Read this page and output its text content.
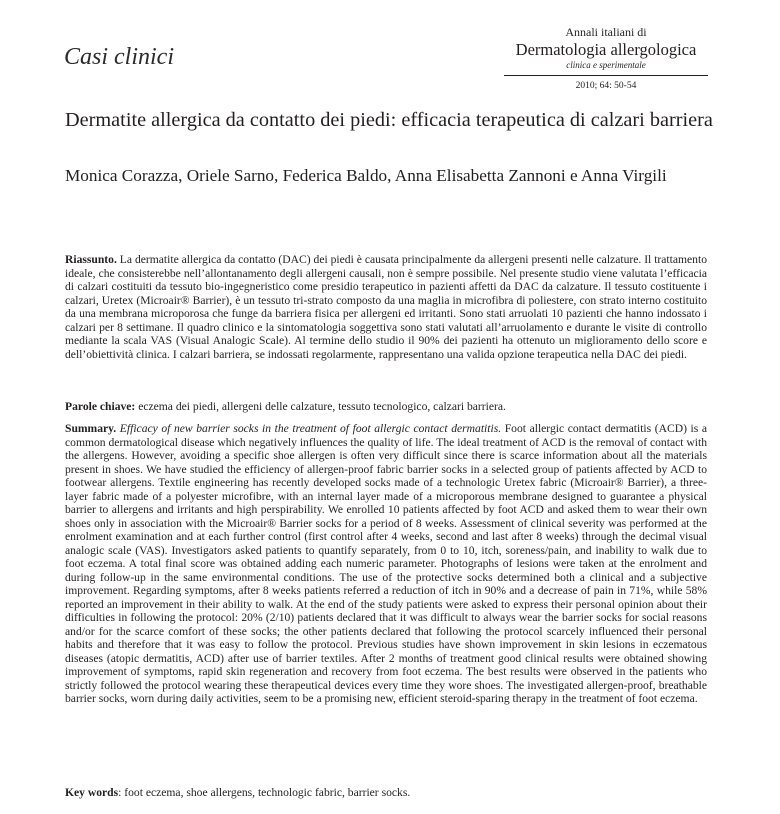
Casi clinici
Annali italiani di
Dermatologia allergologica
clinica e sperimentale
2010; 64: 50-54
Dermatite allergica da contatto dei piedi: efficacia terapeutica di calzari barriera
Monica Corazza, Oriele Sarno, Federica Baldo, Anna Elisabetta Zannoni e Anna Virgili

Riassunto. La dermatite allergica da contatto (DAC) dei piedi è causata principalmente da allergeni presenti nelle calzature. Il trattamento ideale, che consisterebbe nell’allontanamento degli allergeni causali, non è sempre possibile. Nel presente studio viene valutata l’efficacia di calzari costituiti da tessuto bio-ingegneristico come presidio terapeutico in pazienti affetti da DAC da calzature. Il tessuto costituente i calzari, Uretex (Microair® Barrier), è un tessuto tri-strato composto da una maglia in microfibra di poliestere, con strato interno costituito da una membrana microporosa che funge da barriera fisica per allergeni ed irritanti. Sono stati arruolati 10 pazienti che hanno indossato i calzari per 8 settimane. Il quadro clinico e la sintomatologia soggettiva sono stati valutati all’arruolamento e durante le visite di controllo mediante la scala VAS (Visual Analogic Scale). Al termine dello studio il 90% dei pazienti ha ottenuto un miglioramento dello score e dell’obiettività clinica. I calzari barriera, se indossati regolarmente, rappresentano una valida opzione terapeutica nella DAC dei piedi.

Parole chiave: eczema dei piedi, allergeni delle calzature, tessuto tecnologico, calzari barriera.

Summary. Efficacy of new barrier socks in the treatment of foot allergic contact dermatitis. Foot allergic contact dermatitis (ACD) is a common dermatological disease which negatively influences the quality of life. The ideal treatment of ACD is the removal of contact with the allergens. However, avoiding a specific shoe allergen is often very difficult since there is scarce information about all the materials present in shoes. We have studied the efficiency of allergen-proof fabric barrier socks in a selected group of patients affected by ACD to footwear allergens. Textile engineering has recently developed socks made of a technologic Uretex fabric (Microair® Barrier), a three-layer fabric made of a polyester microfibre, with an internal layer made of a microporous membrane designed to guarantee a physical barrier to allergens and irritants and high perspirability. We enrolled 10 patients affected by foot ACD and asked them to wear their own shoes only in association with the Microair® Barrier socks for a period of 8 weeks. Assessment of clinical severity was performed at the enrolment examination and at each further control (first control after 4 weeks, second and last after 8 weeks) through the decimal visual analogic scale (VAS). Investigators asked patients to quantify separately, from 0 to 10, itch, soreness/pain, and inability to walk due to foot eczema. A total final score was obtained adding each numeric parameter. Photographs of lesions were taken at the enrolment and during follow-up in the same environmental conditions. The use of the protective socks determined both a clinical and a subjective improvement. Regarding symptoms, after 8 weeks patients referred a reduction of itch in 90% and a decrease of pain in 71%, while 58% reported an improvement in their ability to walk. At the end of the study patients were asked to express their personal opinion about their difficulties in following the protocol: 20% (2/10) patients declared that it was difficult to always wear the barrier socks for social reasons and/or for the scarce comfort of these socks; the other patients declared that following the protocol scarcely influenced their personal habits and therefore that it was easy to follow the protocol. Previous studies have shown improvement in skin lesions in eczematous diseases (atopic dermatitis, ACD) after use of barrier textiles. After 2 months of treatment good clinical results were obtained showing improvement of symptoms, rapid skin regeneration and recovery from foot eczema. The best results were observed in the patients who strictly followed the protocol wearing these therapeutical devices every time they wore shoes. The investigated allergen-proof, breathable barrier socks, worn during daily activities, seem to be a promising new, efficient steroid-sparing therapy in the treatment of foot eczema.

Key words: foot eczema, shoe allergens, technologic fabric, barrier socks.
